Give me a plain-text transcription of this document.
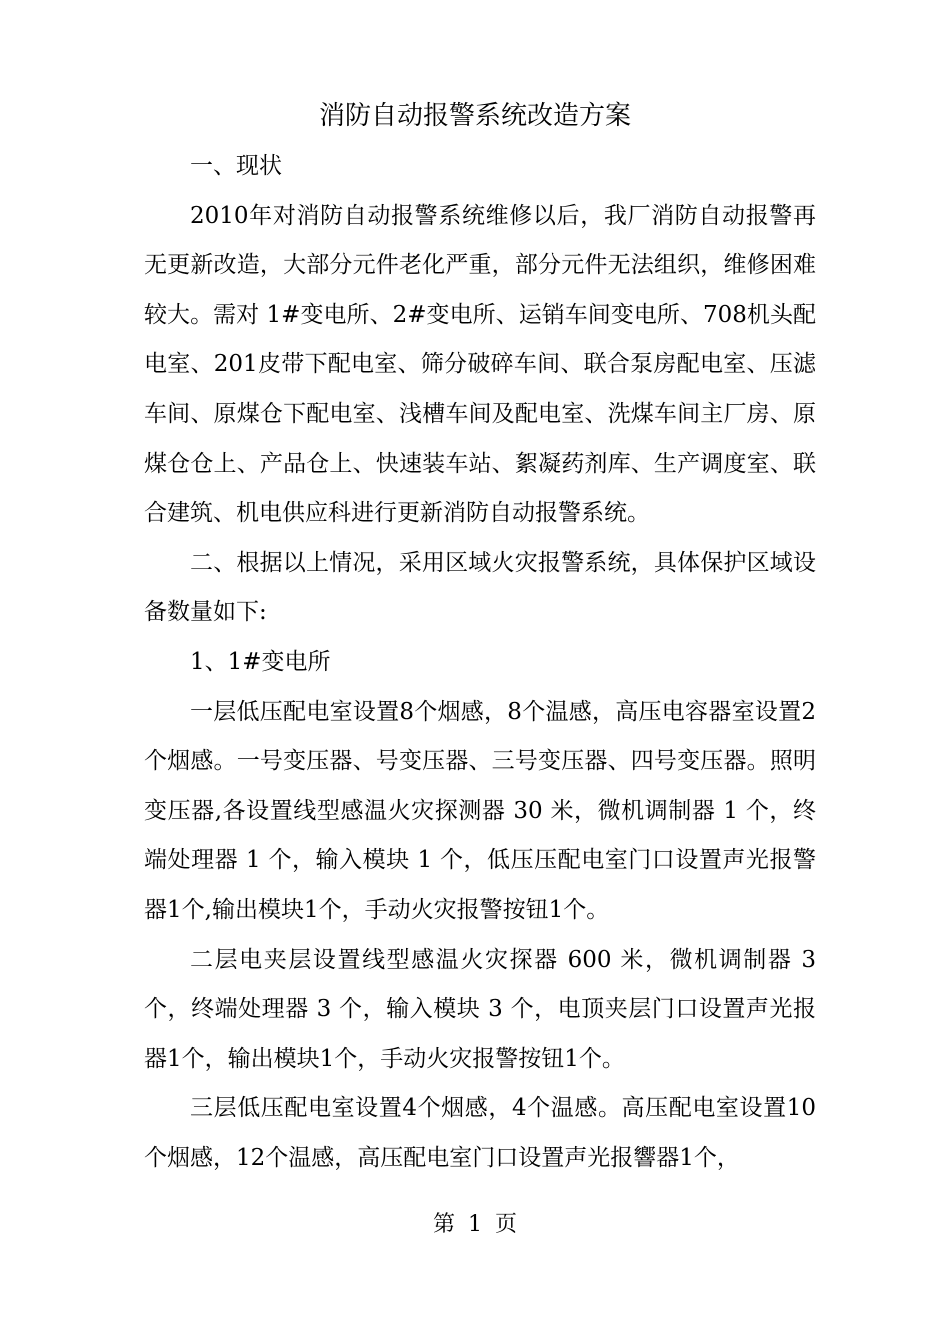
消防自动报警系统改造方案

一、现状

2010年对消防自动报警系统维修以后，我厂消防自动报警再无更新改造，大部分元件老化严重，部分元件无法组织，维修困难较大。需对 1#变电所、2#变电所、运销车间变电所、708机头配电室、201皮带下配电室、筛分破碎车间、联合泵房配电室、压滤车间、原煤仓下配电室、浅槽车间及配电室、洗煤车间主厂房、原煤仓仓上、产品仓上、快速装车站、絮凝药剂库、生产调度室、联合建筑、机电供应科进行更新消防自动报警系统。

二、根据以上情况，采用区域火灾报警系统，具体保护区域设备数量如下:

1、1#变电所

一层低压配电室设置8个烟感，8个温感，高压电容器室设置2个烟感。一号变压器、号变压器、三号变压器、四号变压器。照明变压器,各设置线型感温火灾探测器 30 米，微机调制器 1 个，终端处理器 1 个，输入模块 1 个，低压压配电室门口设置声光报警器1个,输出模块1个，手动火灾报警按钮1个。

二层电夹层设置线型感温火灾探器 600 米，微机调制器 3 个，终端处理器 3 个，输入模块 3 个，电顶夹层门口设置声光报器1个，输出模块1个，手动火灾报警按钮1个。

三层低压配电室设置4个烟感，4个温感。高压配电室设置10个烟感，12个温感，高压配电室门口设置声光报響器1个，

第 1 页
